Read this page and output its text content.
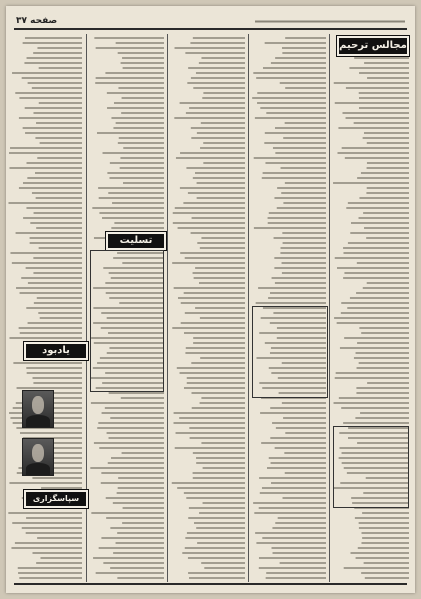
صفحه ۳۷
مجالس ترحيم
تسليت
يادبود
سپاسگزاری
